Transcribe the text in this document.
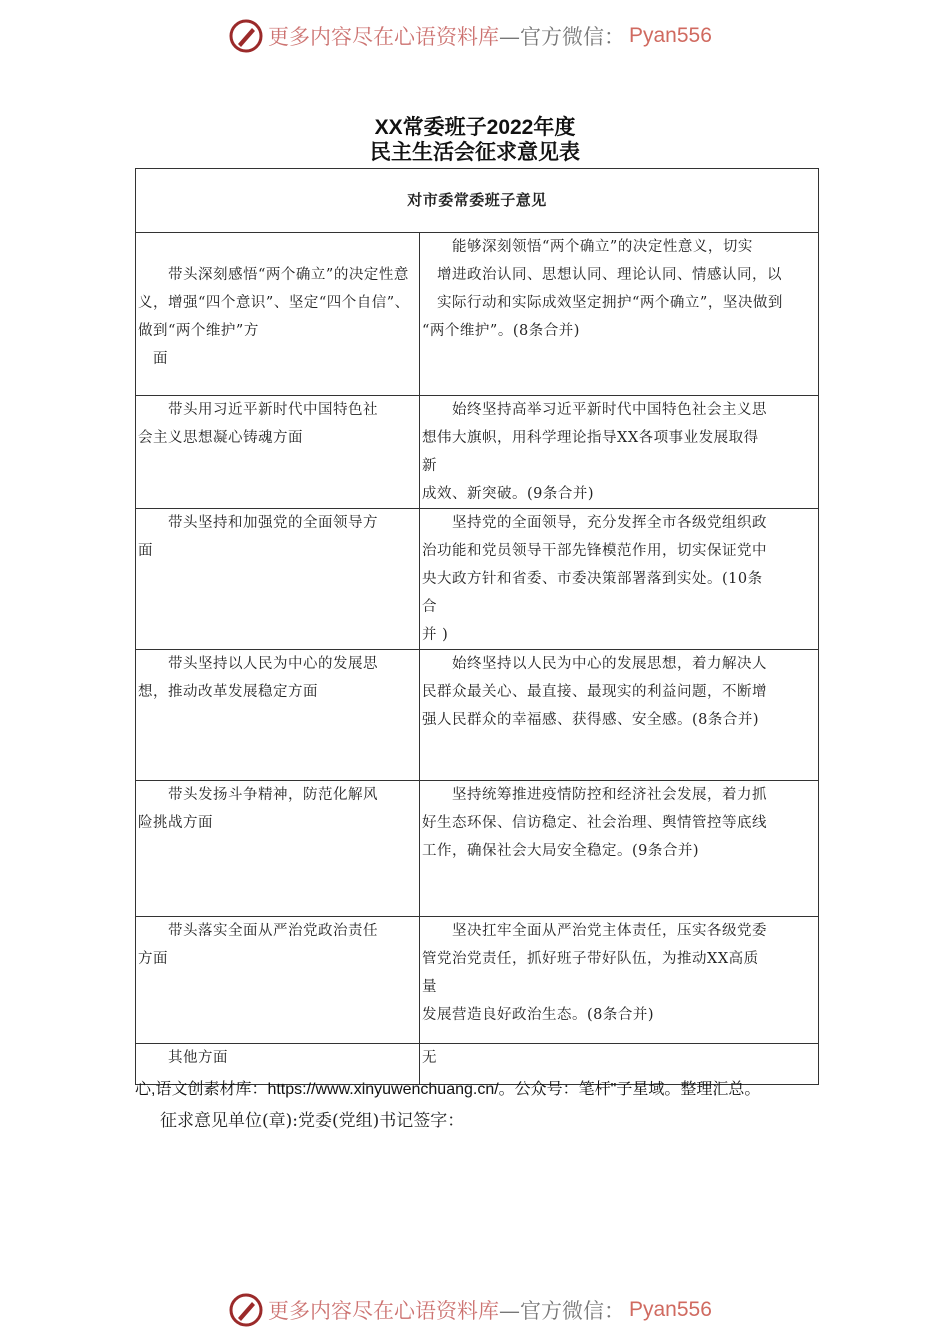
更多内容尽在心语资料库 —官方微信： Pyan556
XX常委班子2022年度
民主生活会征求意见表
对市委常委班子意见	

　　带头深刻感悟“两个确立”的决定性意义，增强“四个意识”、坚定“四个自信”、做到“两个维护”方
　面	　　能够深刻领悟“两个确立”的决定性意义，切实
　增进政治认同、思想认同、理论认同、情感认同，以
　实际行动和实际成效坚定拥护“两个确立”，坚决做到
“两个维护”。(8条合并)
　　带头用习近平新时代中国特色社
会主义思想凝心铸魂方面	　　始终坚持高举习近平新时代中国特色社会主义思
想伟大旗帜，用科学理论指导XX各项事业发展取得
新
成效、新突破。(9条合并)
　　带头坚持和加强党的全面领导方
面	　　坚持党的全面领导，充分发挥全市各级党组织政
治功能和党员领导干部先锋模范作用，切实保证党中
央大政方针和省委、市委决策部署落到实处。(10条
合
并 )
　　带头坚持以人民为中心的发展思
想，推动改革发展稳定方面	　　始终坚持以人民为中心的发展思想，着力解决人
民群众最关心、最直接、最现实的利益问题，不断增
强人民群众的幸福感、获得感、安全感。(8条合并)
　　带头发扬斗争精神，防范化解风
险挑战方面	　　坚持统筹推进疫情防控和经济社会发展，着力抓
好生态环保、信访稳定、社会治理、舆情管控等底线
工作，确保社会大局安全稳定。(9条合并)
　　带头落实全面从严治党政治责任
方面	　　坚决扛牢全面从严治党主体责任，压实各级党委
管党治党责任，抓好班子带好队伍，为推动XX高质
量
发展营造良好政治生态。(8条合并)
　　其他方面	无
心,语文创素材库：https://www.xinyuwenchuang.cn/。公众号：笔杆"子星域。整理汇总。
征求意见单位(章):党委(党组)书记签字：
更多内容尽在心语资料库 —官方微信： Pyan556
